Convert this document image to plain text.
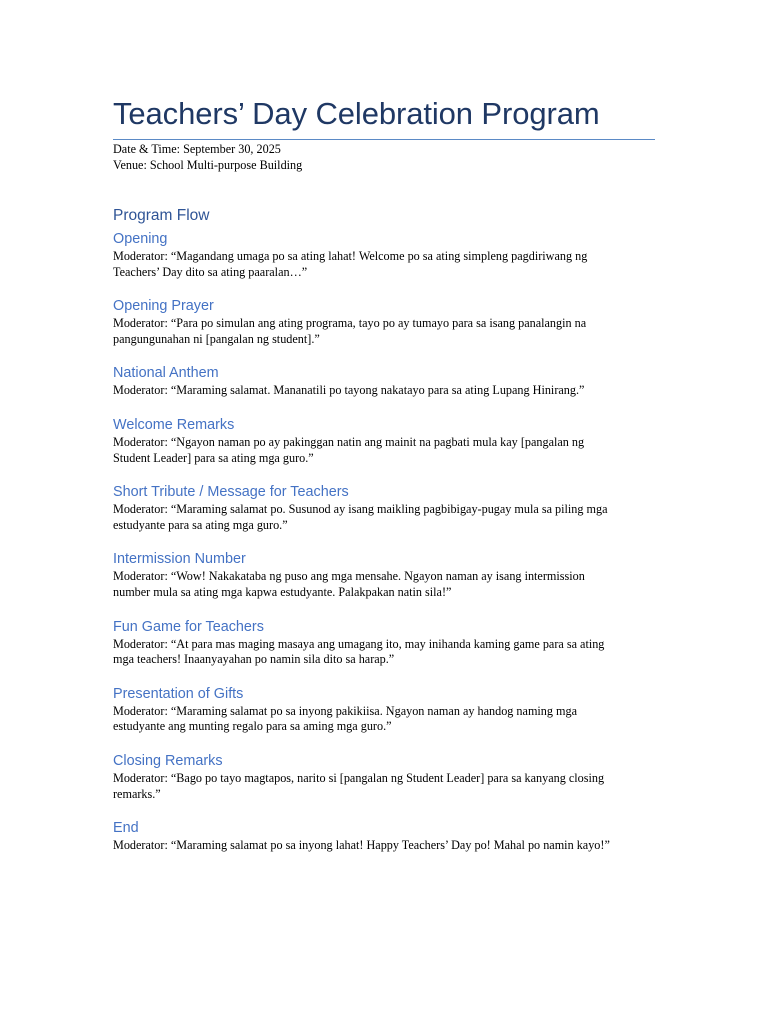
Teachers’ Day Celebration Program

Date & Time: September 30, 2025

Venue: School Multi-purpose Building

Program Flow
Opening

Moderator: “Magandang umaga po sa ating lahat! Welcome po sa ating simpleng pagdiriwang ng
Teachers’ Day dito sa ating paaralan…”

Opening Prayer

Moderator: “Para po simulan ang ating programa, tayo po ay tumayo para sa isang panalangin na
pangungunahan ni [pangalan ng student].”

National Anthem

Moderator: “Maraming salamat. Mananatili po tayong nakatayo para sa ating Lupang Hinirang.”

Welcome Remarks

Moderator: “Ngayon naman po ay pakinggan natin ang mainit na pagbati mula kay [pangalan ng
Student Leader] para sa ating mga guro.”

Short Tribute / Message for Teachers

Moderator: “Maraming salamat po. Susunod ay isang maikling pagbibigay-pugay mula sa piling mga
estudyante para sa ating mga guro.”

Intermission Number

Moderator: “Wow! Nakakataba ng puso ang mga mensahe. Ngayon naman ay isang intermission
number mula sa ating mga kapwa estudyante. Palakpakan natin sila!”

Fun Game for Teachers

Moderator: “At para mas maging masaya ang umagang ito, may inihanda kaming game para sa ating
mga teachers! Inaanyayahan po namin sila dito sa harap.”

Presentation of Gifts

Moderator: “Maraming salamat po sa inyong pakikiisa. Ngayon naman ay handog naming mga
estudyante ang munting regalo para sa aming mga guro.”

Closing Remarks

Moderator: “Bago po tayo magtapos, narito si [pangalan ng Student Leader] para sa kanyang closing
remarks.”

End

Moderator: “Maraming salamat po sa inyong lahat! Happy Teachers’ Day po! Mahal po namin kayo!”
